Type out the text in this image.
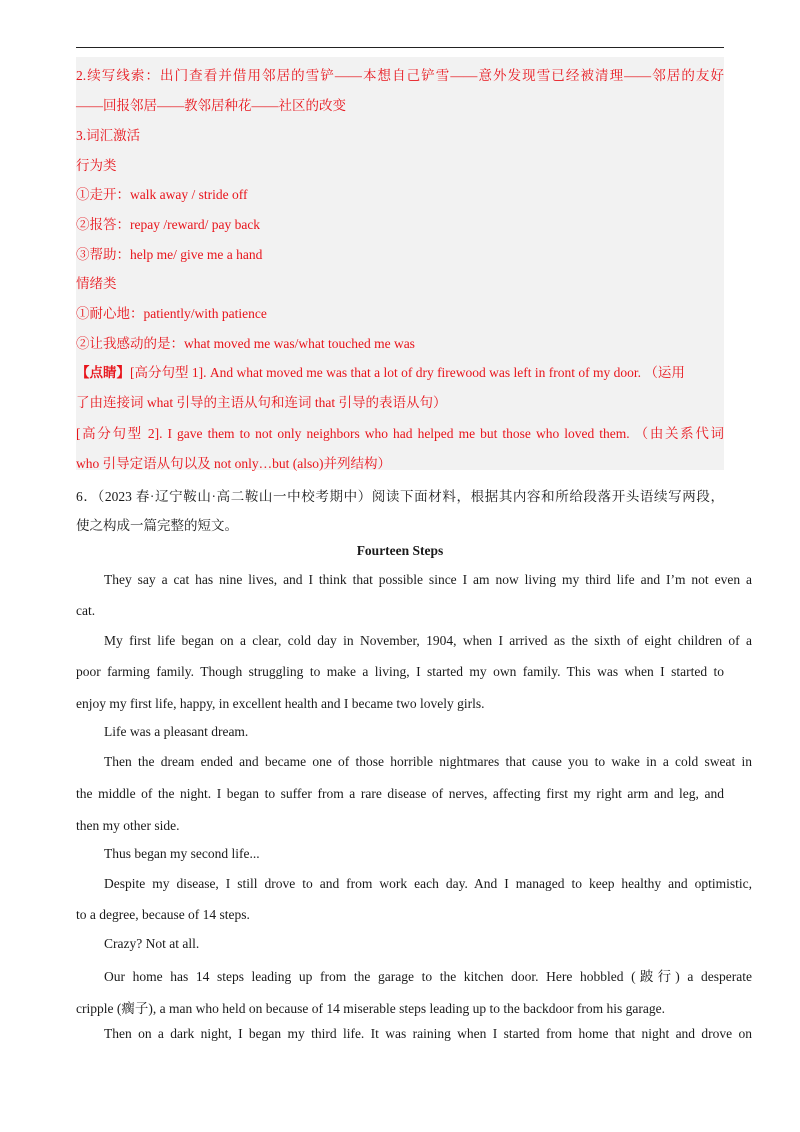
2.续写线索：出门查看并借用邻居的雪铲——本想自己铲雪——意外发现雪已经被清理——邻居的友好
——回报邻居——教邻居种花——社区的改变
3.词汇激活
行为类
①走开：walk away / stride off
②报答：repay /reward/ pay back
③帮助：help me/ give me a hand
情绪类
①耐心地：patiently/with patience
②让我感动的是：what moved me was/what touched me was
【点睛】[高分句型 1]. And what moved me was that a lot of dry firewood was left in front of my door. （运用
了由连接词 what 引导的主语从句和连词 that 引导的表语从句）
[高分句型 2]. I gave them to not only neighbors who had helped me but those who loved them. （由关系代词
who 引导定语从句以及 not only…but (also)并列结构）
6．（2023 春·辽宁鞍山·高二鞍山一中校考期中）阅读下面材料，根据其内容和所给段落开头语续写两段，
使之构成一篇完整的短文。
Fourteen Steps
They say a cat has nine lives, and I think that possible since I am now living my third life and I’m not even a
cat.
My first life began on a clear, cold day in November, 1904, when I arrived as the sixth of eight children of a
poor farming family. Though struggling to make a living, I started my own family. This was when I started to
enjoy my first life, happy, in excellent health and I became two lovely girls.
Life was a pleasant dream.
Then the dream ended and became one of those horrible nightmares that cause you to wake in a cold sweat in
the middle of the night. I began to suffer from a rare disease of nerves, affecting first my right arm and leg, and
then my other side.
Thus began my second life...
Despite my disease, I still drove to and from work each day. And I managed to keep healthy and optimistic,
to a degree, because of 14 steps.
Crazy? Not at all.
Our home has 14 steps leading up from the garage to the kitchen door. Here hobbled (跛行) a desperate
cripple (瘸子), a man who held on because of 14 miserable steps leading up to the backdoor from his garage.
Then on a dark night, I began my third life. It was raining when I started from home that night and drove on
